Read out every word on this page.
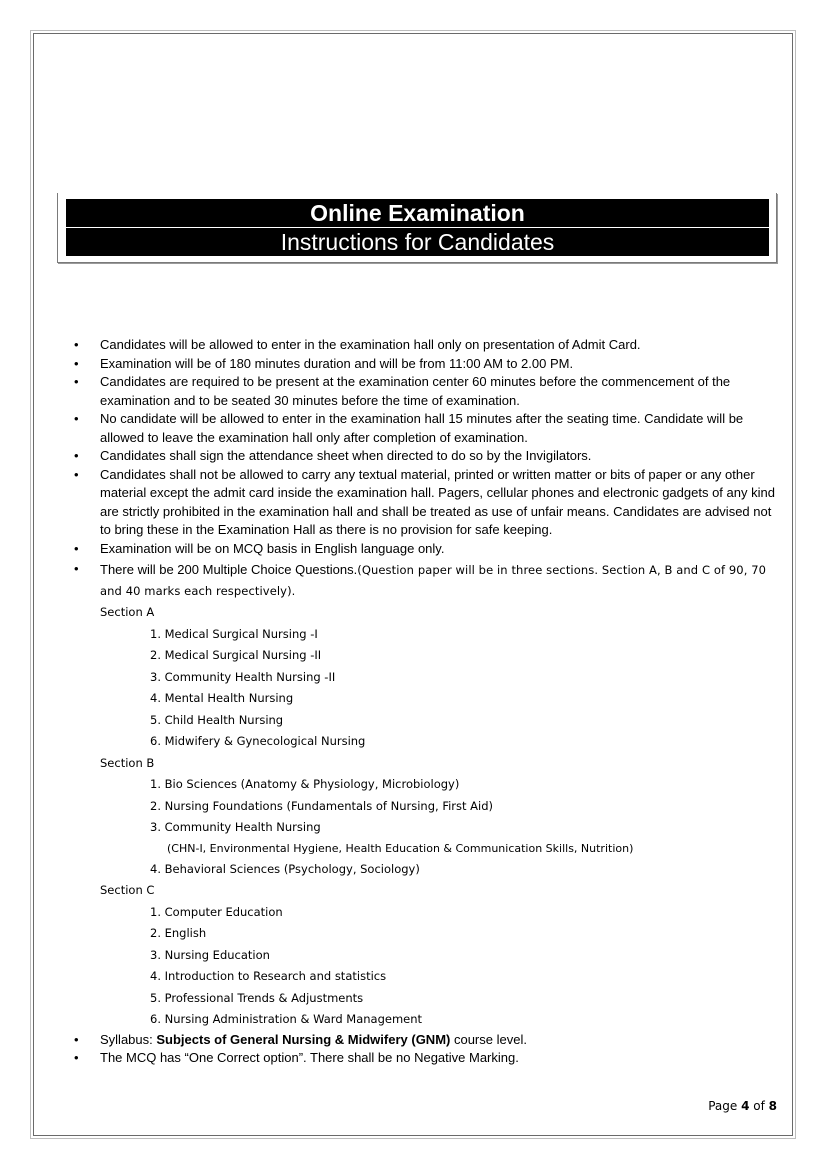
Online Examination
Instructions for Candidates
• Candidates will be allowed to enter in the examination hall only on presentation of Admit Card.
• Examination will be of 180 minutes duration and will be from 11:00 AM to 2.00 PM.
• Candidates are required to be present at the examination center 60 minutes before the commencement of the examination and to be seated 30 minutes before the time of examination.
• No candidate will be allowed to enter in the examination hall 15 minutes after the seating time. Candidate will be allowed to leave the examination hall only after completion of examination.
• Candidates shall sign the attendance sheet when directed to do so by the Invigilators.
• Candidates shall not be allowed to carry any textual material, printed or written matter or bits of paper or any other material except the admit card inside the examination hall. Pagers, cellular phones and electronic gadgets of any kind are strictly prohibited in the examination hall and shall be treated as use of unfair means. Candidates are advised not to bring these in the Examination Hall as there is no provision for safe keeping.
• Examination will be on MCQ basis in English language only.
• There will be 200 Multiple Choice Questions.(Question paper will be in three sections. Section A, B and C of 90, 70 and 40 marks each respectively).
Section A
1. Medical Surgical Nursing -I
2. Medical Surgical Nursing -II
3. Community Health Nursing -II
4. Mental Health Nursing
5. Child Health Nursing
6. Midwifery & Gynecological Nursing
Section B
1. Bio Sciences (Anatomy & Physiology, Microbiology)
2. Nursing Foundations (Fundamentals of Nursing, First Aid)
3. Community Health Nursing
(CHN-I, Environmental Hygiene, Health Education & Communication Skills, Nutrition)
4. Behavioral Sciences (Psychology, Sociology)
Section C
1. Computer Education
2. English
3. Nursing Education
4. Introduction to Research and statistics
5. Professional Trends & Adjustments
6. Nursing Administration & Ward Management
• Syllabus: Subjects of General Nursing & Midwifery (GNM) course level.
• The MCQ has “One Correct option”. There shall be no Negative Marking.
Page 4 of 8
